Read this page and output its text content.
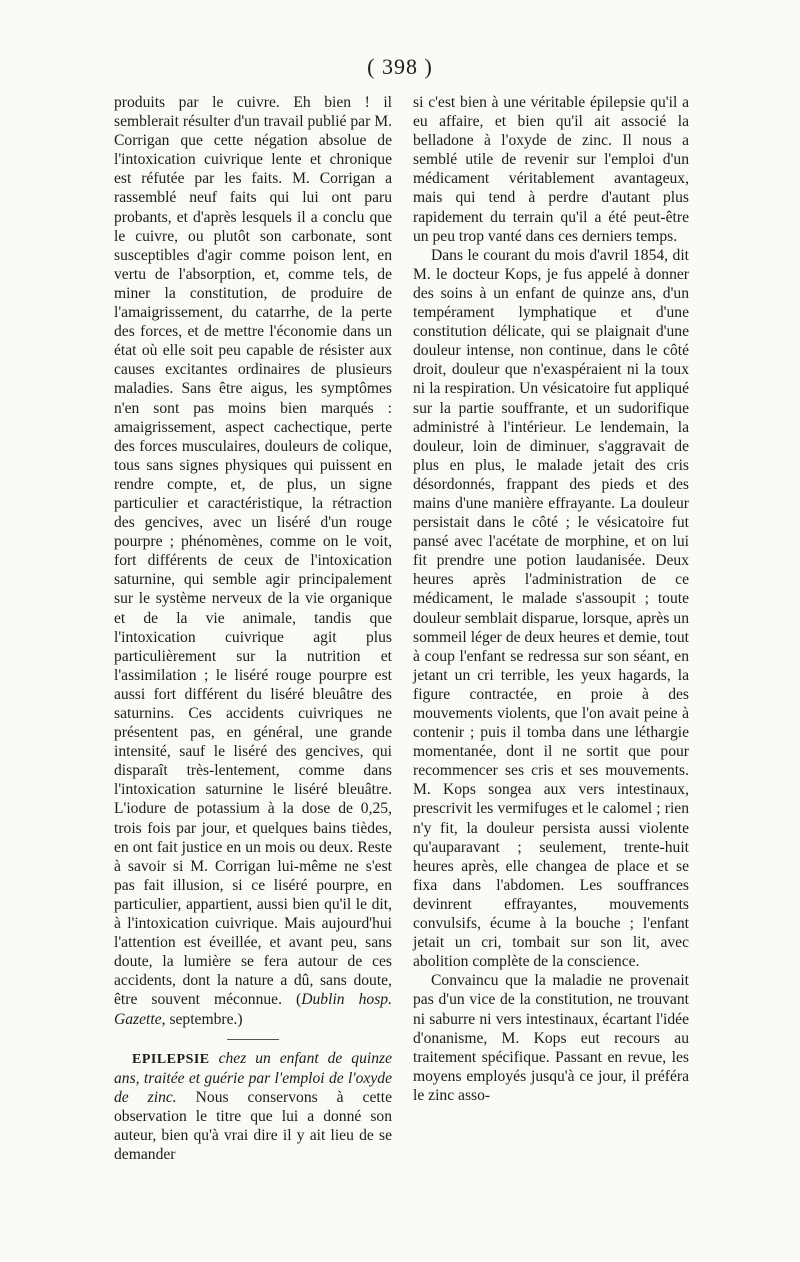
( 398 )

produits par le cuivre. Eh bien ! il semblerait résulter d'un travail publié par M. Corrigan que cette négation absolue de l'intoxication cuivrique lente et chronique est réfutée par les faits. M. Corrigan a rassemblé neuf faits qui lui ont paru probants, et d'après lesquels il a conclu que le cuivre, ou plutôt son carbonate, sont susceptibles d'agir comme poison lent, en vertu de l'absorption, et, comme tels, de miner la constitution, de produire de l'amaigrissement, du catarrhe, de la perte des forces, et de mettre l'économie dans un état où elle soit peu capable de résister aux causes excitantes ordinaires de plusieurs maladies. Sans être aigus, les symptômes n'en sont pas moins bien marqués : amaigrissement, aspect cachectique, perte des forces musculaires, douleurs de colique, tous sans signes physiques qui puissent en rendre compte, et, de plus, un signe particulier et caractéristique, la rétraction des gencives, avec un liséré d'un rouge pourpre ; phénomènes, comme on le voit, fort différents de ceux de l'intoxication saturnine, qui semble agir principalement sur le système nerveux de la vie organique et de la vie animale, tandis que l'intoxication cuivrique agit plus particulièrement sur la nutrition et l'assimilation ; le liséré rouge pourpre est aussi fort différent du liséré bleuâtre des saturnins. Ces accidents cuivriques ne présentent pas, en général, une grande intensité, sauf le liséré des gencives, qui disparaît très-lentement, comme dans l'intoxication saturnine le liséré bleuâtre. L'iodure de potassium à la dose de 0,25, trois fois par jour, et quelques bains tièdes, en ont fait justice en un mois ou deux. Reste à savoir si M. Corrigan lui-même ne s'est pas fait illusion, si ce liséré pourpre, en particulier, appartient, aussi bien qu'il le dit, à l'intoxication cuivrique. Mais aujourd'hui l'attention est éveillée, et avant peu, sans doute, la lumière se fera autour de ces accidents, dont la nature a dû, sans doute, être souvent méconnue. (Dublin hosp. Gazette, septembre.)

EPILEPSIE chez un enfant de quinze ans, traitée et guérie par l'emploi de l'oxyde de zinc. Nous conservons à cette observation le titre que lui a donné son auteur, bien qu'à vrai dire il y ait lieu de se demander

si c'est bien à une véritable épilepsie qu'il a eu affaire, et bien qu'il ait associé la belladone à l'oxyde de zinc. Il nous a semblé utile de revenir sur l'emploi d'un médicament véritablement avantageux, mais qui tend à perdre d'autant plus rapidement du terrain qu'il a été peut-être un peu trop vanté dans ces derniers temps.

Dans le courant du mois d'avril 1854, dit M. le docteur Kops, je fus appelé à donner des soins à un enfant de quinze ans, d'un tempérament lymphatique et d'une constitution délicate, qui se plaignait d'une douleur intense, non continue, dans le côté droit, douleur que n'exaspéraient ni la toux ni la respiration. Un vésicatoire fut appliqué sur la partie souffrante, et un sudorifique administré à l'intérieur. Le lendemain, la douleur, loin de diminuer, s'aggravait de plus en plus, le malade jetait des cris désordonnés, frappant des pieds et des mains d'une manière effrayante. La douleur persistait dans le côté ; le vésicatoire fut pansé avec l'acétate de morphine, et on lui fit prendre une potion laudanisée. Deux heures après l'administration de ce médicament, le malade s'assoupit ; toute douleur semblait disparue, lorsque, après un sommeil léger de deux heures et demie, tout à coup l'enfant se redressa sur son séant, en jetant un cri terrible, les yeux hagards, la figure contractée, en proie à des mouvements violents, que l'on avait peine à contenir ; puis il tomba dans une léthargie momentanée, dont il ne sortit que pour recommencer ses cris et ses mouvements. M. Kops songea aux vers intestinaux, prescrivit les vermifuges et le calomel ; rien n'y fit, la douleur persista aussi violente qu'auparavant ; seulement, trente-huit heures après, elle changea de place et se fixa dans l'abdomen. Les souffrances devinrent effrayantes, mouvements convulsifs, écume à la bouche ; l'enfant jetait un cri, tombait sur son lit, avec abolition complète de la conscience.

Convaincu que la maladie ne provenait pas d'un vice de la constitution, ne trouvant ni saburre ni vers intestinaux, écartant l'idée d'onanisme, M. Kops eut recours au traitement spécifique. Passant en revue, les moyens employés jusqu'à ce jour, il préféra le zinc asso-
